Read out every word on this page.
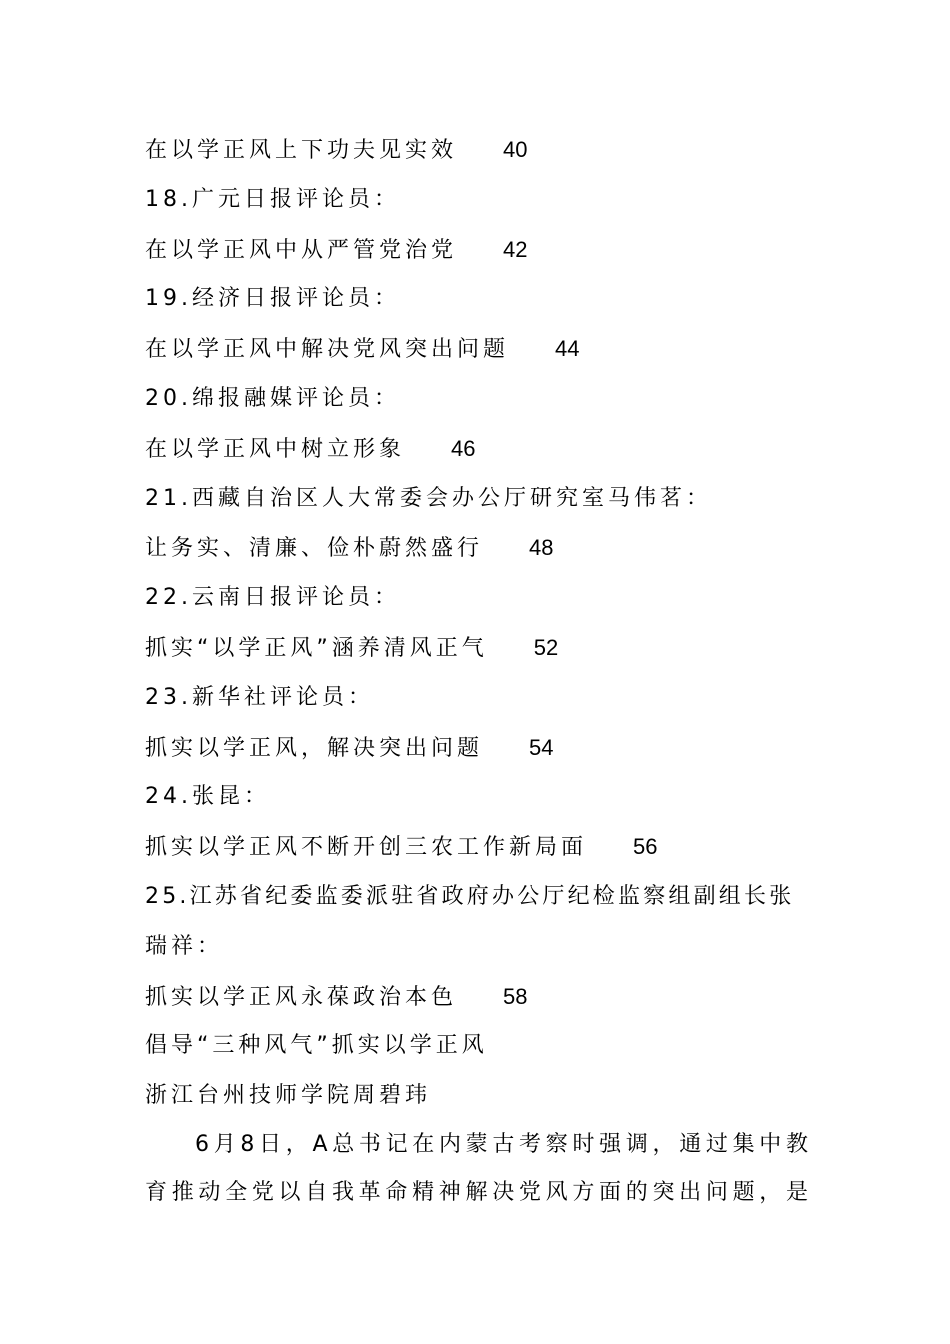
在以学正风上下功夫见实效 40
18.广元日报评论员：
在以学正风中从严管党治党 42
19.经济日报评论员：
在以学正风中解决党风突出问题 44
20.绵报融媒评论员：
在以学正风中树立形象 46
21.西藏自治区人大常委会办公厅研究室马伟茗：
让务实、清廉、俭朴蔚然盛行 48
22.云南日报评论员：
抓实“以学正风”涵养清风正气 52
23.新华社评论员：
抓实以学正风，解决突出问题 54
24.张昆：
抓实以学正风不断开创三农工作新局面 56
25.江苏省纪委监委派驻省政府办公厅纪检监察组副组长张
瑞祥：
抓实以学正风永葆政治本色 58
倡导“三种风气”抓实以学正风
浙江台州技师学院周碧玮
6月8日，A总书记在内蒙古考察时强调，通过集中教
育推动全党以自我革命精神解决党风方面的突出问题，是
